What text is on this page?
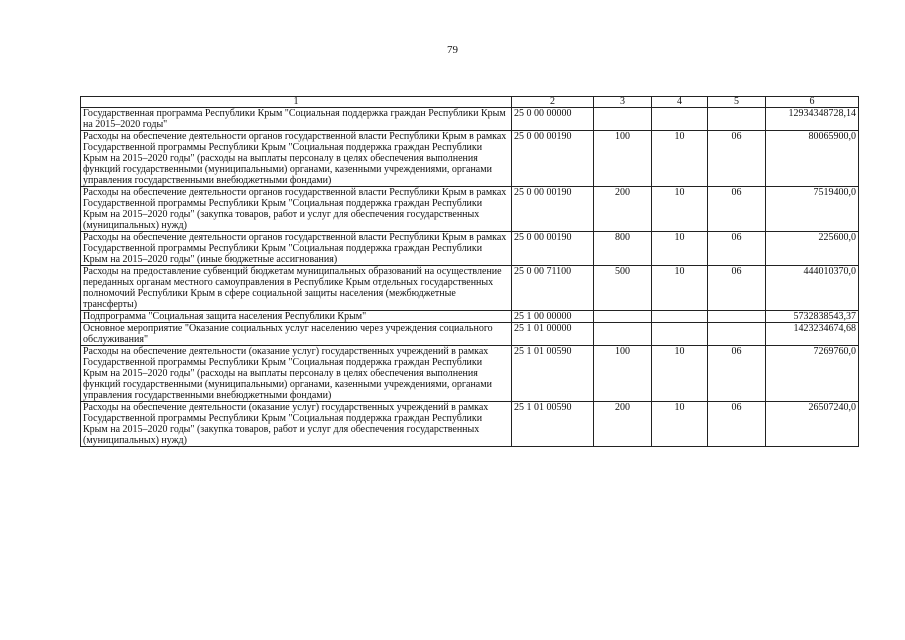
79
1	2	3	4	5	6
Государственная программа Республики Крым "Социальная поддержка граждан Республики Крым на 2015–2020 годы"	25 0 00 00000				12934348728,14
Расходы на обеспечение деятельности органов государственной власти Республики Крым в рамках Государственной программы Республики Крым "Социальная поддержка граждан Республики Крым на 2015–2020 годы" (расходы на выплаты персоналу в целях обеспечения выполнения функций государственными (муниципальными) органами, казенными учреждениями, органами управления государственными внебюджетными фондами)	25 0 00 00190	100	10	06	80065900,0
Расходы на обеспечение деятельности органов государственной власти Республики Крым в рамках Государственной программы Республики Крым "Социальная поддержка граждан Республики Крым на 2015–2020 годы" (закупка товаров, работ и услуг для обеспечения государственных (муниципальных) нужд)	25 0 00 00190	200	10	06	7519400,0
Расходы на обеспечение деятельности органов государственной власти Республики Крым в рамках Государственной программы Республики Крым "Социальная поддержка граждан Республики Крым на 2015–2020 годы" (иные бюджетные ассигнования)	25 0 00 00190	800	10	06	225600,0
Расходы на предоставление субвенций бюджетам муниципальных образований на осуществление переданных органам местного самоуправления в Республике Крым отдельных государственных полномочий Республики Крым в сфере социальной защиты населения (межбюджетные трансферты)	25 0 00 71100	500	10	06	444010370,0
Подпрограмма "Социальная защита населения Республики Крым"	25 1 00 00000				5732838543,37
Основное мероприятие "Оказание социальных услуг населению через учреждения социального обслуживания"	25 1 01 00000				1423234674,68
Расходы на обеспечение деятельности (оказание услуг) государственных учреждений в рамках Государственной программы Республики Крым "Социальная поддержка граждан Республики Крым на 2015–2020 годы" (расходы на выплаты персоналу в целях обеспечения выполнения функций государственными (муниципальными) органами, казенными учреждениями, органами управления государственными внебюджетными фондами)	25 1 01 00590	100	10	06	7269760,0
Расходы на обеспечение деятельности (оказание услуг) государственных учреждений в рамках Государственной программы Республики Крым "Социальная поддержка граждан Республики Крым на 2015–2020 годы" (закупка товаров, работ и услуг для обеспечения государственных (муниципальных) нужд)	25 1 01 00590	200	10	06	26507240,0
